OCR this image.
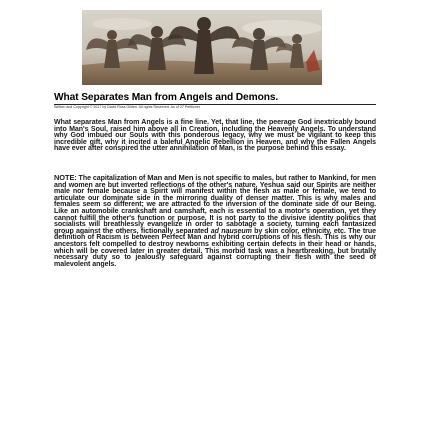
What Separates Man from Angels and Demons.
Written and Copyright © 2017 by David Ross Gilden. All rights Reserved. As of 27 Petitioner

What separates Man from Angels is a fine line. Yet, that line, the peerage God inextricably bound into Man's Soul, raised him above all in Creation, including the Heavenly Angels. To understand why God imbued our Souls with this ponderous legacy, why we must be vigilant to keep this incredible gift, why it incited a baleful Angelic Rebellion in Heaven, and why the Fallen Angels have ever after conspired the utter annihilation of Man, is the purpose behind this essay.

NOTE: The capitalization of Man and Men is not specific to males, but rather to Mankind, for men and women are but inverted reflections of the other's nature. Yeshua said our Spirits are neither male nor female because a Spirit will manifest within the flesh as male or female, we tend to articulate our dominate side in the mirroring duality of denser matter. This is why males and females seem so different; we are attracted to the inversion of the dominate side of our Being. Like an automobile crankshaft and camshaft, each is essential to a motor's operation, yet they cannot fulfill the other's function or purpose. It is not party to the divisive identity politics that socialists will breathlessly evangelize in order to sabotage a society, turning each fantasized group against the others, fictionally separated ad nauseum by skin color, ethnicity, etc. The true definition of Racism is between Perfect Man and hybrid corruptions of his flesh. This is why our ancestors felt compelled to destroy newborns exhibiting certain defects in their head or hands, which will be covered later in greater detail. This morbid task was a heartbreaking, but brutally necessary duty so to jealously safeguard against corrupting their flesh with the seed of malevolent angels.
